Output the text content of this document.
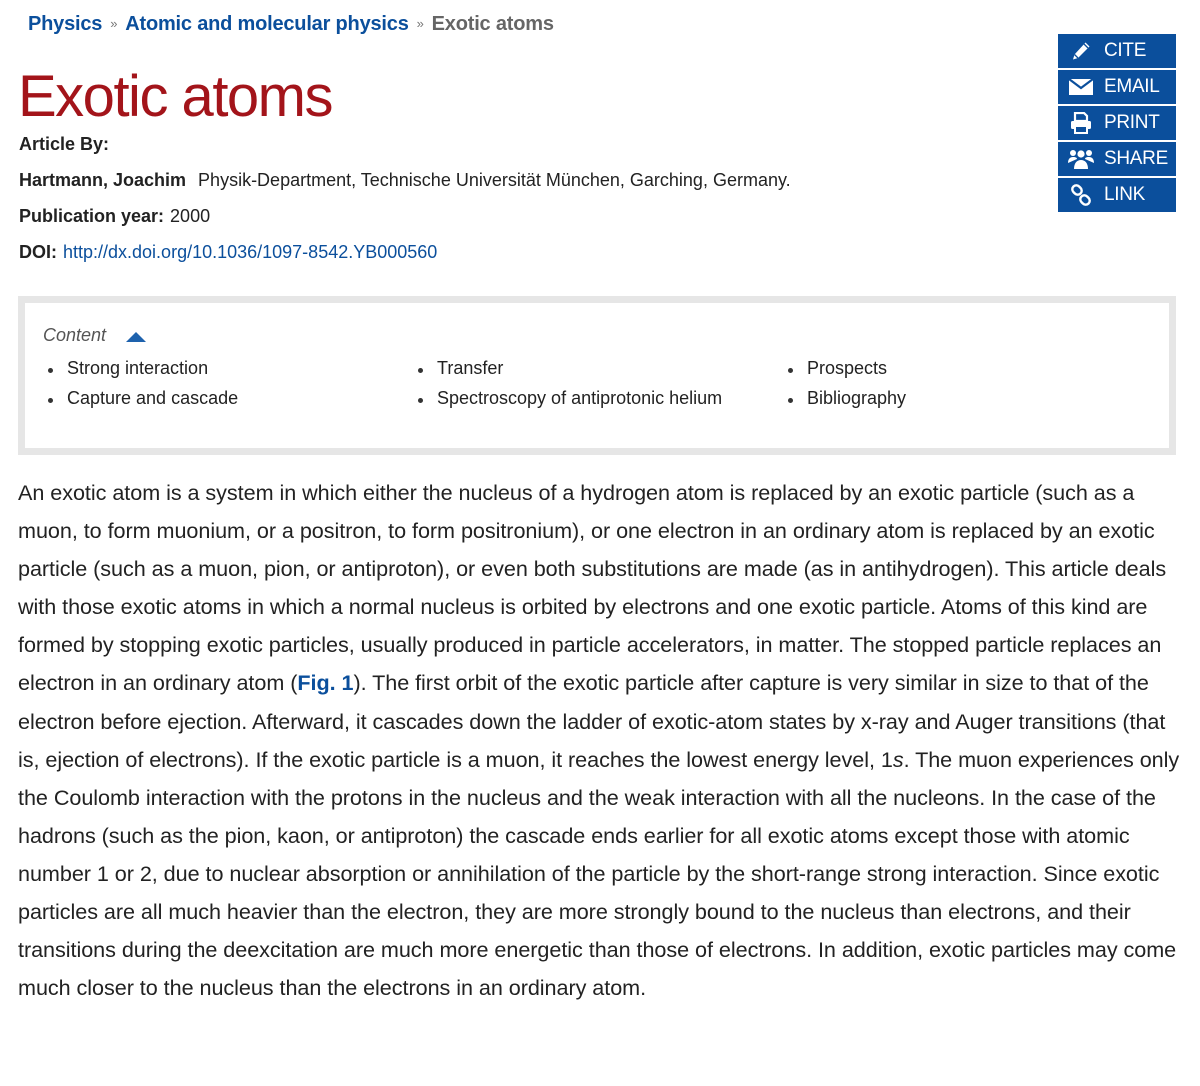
Physics » Atomic and molecular physics » Exotic atoms
Exotic atoms
Article By:
Hartmann, Joachim Physik-Department, Technische Universität München, Garching, Germany.
Publication year: 2000
DOI: http://dx.doi.org/10.1036/1097-8542.YB000560
CITE
EMAIL
PRINT
SHARE
LINK
Content
Strong interaction
Capture and cascade
Transfer
Spectroscopy of antiprotonic helium
Prospects
Bibliography

An exotic atom is a system in which either the nucleus of a hydrogen atom is replaced by an exotic particle (such as a muon, to form muonium, or a positron, to form positronium), or one electron in an ordinary atom is replaced by an exotic particle (such as a muon, pion, or antiproton), or even both substitutions are made (as in antihydrogen). This article deals with those exotic atoms in which a normal nucleus is orbited by electrons and one exotic particle. Atoms of this kind are formed by stopping exotic particles, usually produced in particle accelerators, in matter. The stopped particle replaces an electron in an ordinary atom (Fig. 1). The first orbit of the exotic particle after capture is very similar in size to that of the electron before ejection. Afterward, it cascades down the ladder of exotic-atom states by x-ray and Auger transitions (that is, ejection of electrons). If the exotic particle is a muon, it reaches the lowest energy level, 1s. The muon experiences only the Coulomb interaction with the protons in the nucleus and the weak interaction with all the nucleons. In the case of the hadrons (such as the pion, kaon, or antiproton) the cascade ends earlier for all exotic atoms except those with atomic number 1 or 2, due to nuclear absorption or annihilation of the particle by the short-range strong interaction. Since exotic particles are all much heavier than the electron, they are more strongly bound to the nucleus than electrons, and their transitions during the deexcitation are much more energetic than those of electrons. In addition, exotic particles may come much closer to the nucleus than the electrons in an ordinary atom.
